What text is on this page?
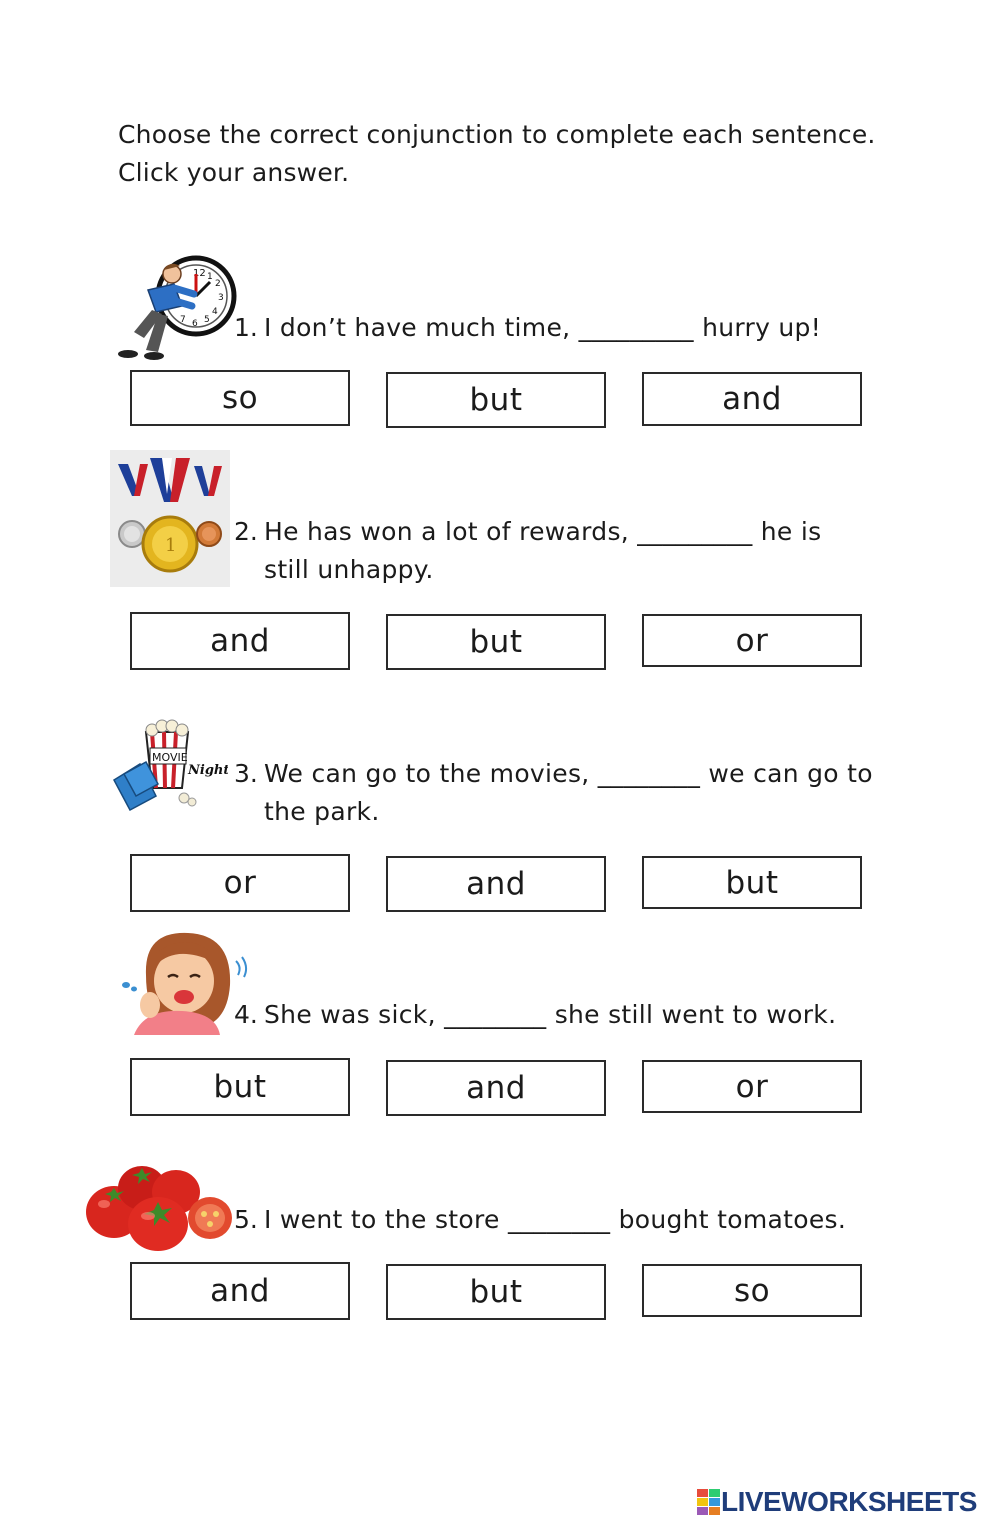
Choose the correct conjunction to complete each sentence.
Click your answer.
12 1
2
3
4
5
6
7 1. I don’t have much time, _________ hurry up!
so	but	and
1 2. He has won a lot of rewards, _________ he is
still unhappy.
and	but	or
MOVIE
Night 3. We can go to the movies, ________ we can go to
the park.
or	and	but
4. She was sick, ________ she still went to work.
but	and	or
5. I went to the store ________ bought tomatoes.
and	but	so
LIVEWORKSHEETS
